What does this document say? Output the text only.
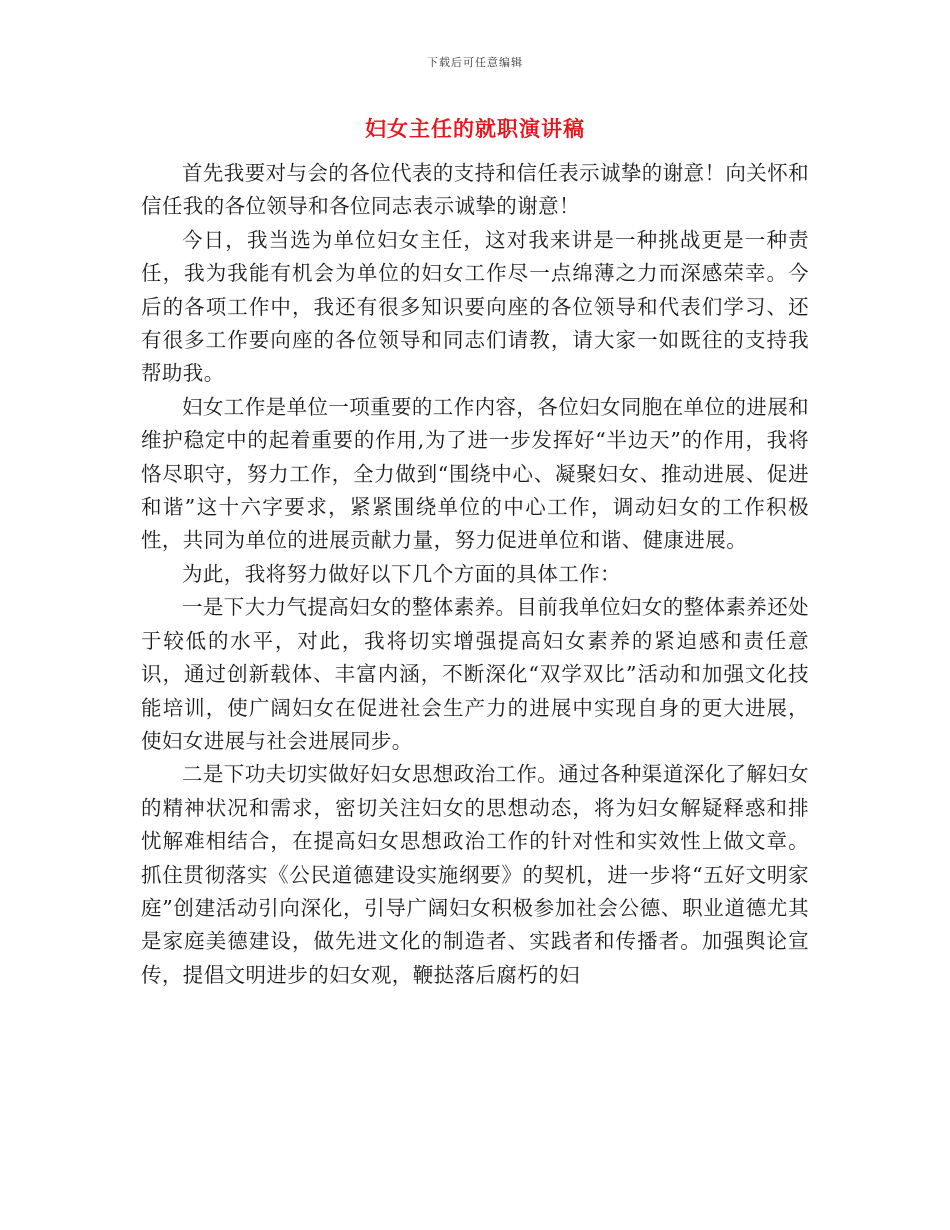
下载后可任意编辑
妇女主任的就职演讲稿

首先我要对与会的各位代表的支持和信任表示诚挚的谢意！向关怀和信任我的各位领导和各位同志表示诚挚的谢意！

今日，我当选为单位妇女主任，这对我来讲是一种挑战更是一种责任，我为我能有机会为单位的妇女工作尽一点绵薄之力而深感荣幸。今后的各项工作中，我还有很多知识要向座的各位领导和代表们学习、还有很多工作要向座的各位领导和同志们请教，请大家一如既往的支持我帮助我。

妇女工作是单位一项重要的工作内容，各位妇女同胞在单位的进展和维护稳定中的起着重要的作用,为了进一步发挥好“半边天”的作用，我将恪尽职守，努力工作，全力做到“围绕中心、凝聚妇女、推动进展、促进和谐”这十六字要求，紧紧围绕单位的中心工作，调动妇女的工作积极性，共同为单位的进展贡献力量，努力促进单位和谐、健康进展。

为此，我将努力做好以下几个方面的具体工作：

一是下大力气提高妇女的整体素养。目前我单位妇女的整体素养还处于较低的水平，对此，我将切实增强提高妇女素养的紧迫感和责任意识，通过创新载体、丰富内涵，不断深化“双学双比”活动和加强文化技能培训，使广阔妇女在促进社会生产力的进展中实现自身的更大进展，使妇女进展与社会进展同步。

二是下功夫切实做好妇女思想政治工作。通过各种渠道深化了解妇女的精神状况和需求，密切关注妇女的思想动态，将为妇女解疑释惑和排忧解难相结合，在提高妇女思想政治工作的针对性和实效性上做文章。抓住贯彻落实《公民道德建设实施纲要》的契机，进一步将“五好文明家庭”创建活动引向深化，引导广阔妇女积极参加社会公德、职业道德尤其是家庭美德建设，做先进文化的制造者、实践者和传播者。加强舆论宣传，提倡文明进步的妇女观，鞭挞落后腐朽的妇
